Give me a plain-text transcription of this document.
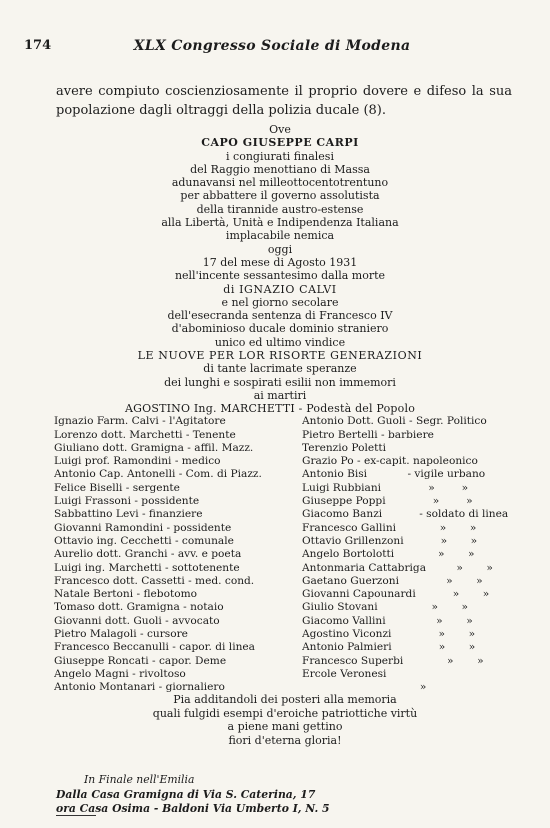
174	XLX Congresso Sociale di Modena
avere compiuto coscienziosamente il proprio dovere e difeso la sua popolazione dagli oltraggi della polizia ducale (8).
Ove
CAPO GIUSEPPE CARPI
i congiurati finalesi
del Raggio menottiano di Massa
adunavansi nel milleottocentotrentuno
per abbattere il governo assolutista
della tirannide austro-estense
alla Libertà, Unità e Indipendenza Italiana
implacabile nemica
oggi
17 del mese di Agosto 1931
nell'incente sessantesimo dalla morte
di IGNAZIO CALVI
e nel giorno secolare
dell'esecranda sentenza di Francesco IV
d'abominioso ducale dominio straniero
unico ed ultimo vindice
LE NUOVE PER LOR RISORTE GENERAZIONI
di tante lacrimate speranze
dei lunghi e sospirati esilii non immemori
ai martiri
AGOSTINO Ing. MARCHETTI - Podestà del Popolo
Ignazio Farm. Calvi - l'Agitatore	Antonio Dott. Guoli - Segr. Politico
Lorenzo dott. Marchetti - Tenente	Pietro Bertelli - barbiere
Giuliano dott. Gramigna - affil. Mazz.	Terenzio Poletti
Luigi prof. Ramondini - medico	Grazio Po - ex-capit. napoleonico
Antonio Cap. Antonelli - Com. di Piazz.	Antonio Bisi            - vigile urbano
Felice Biselli - sergente	Luigi Rubbiani              »        »
Luigi Frassoni - possidente	Giuseppe Poppi              »        »
Sabbattino Levi - finanziere	Giacomo Banzi           - soldato di linea
Giovanni Ramondini - possidente	Francesco Gallini             »       »
Ottavio ing. Cecchetti - comunale	Ottavio Grillenzoni           »       »
Aurelio dott. Granchi - avv. e poeta	Angelo Bortolotti             »       »
Luigi ing. Marchetti - sottotenente	Antonmaria Cattabriga         »       »
Francesco dott. Cassetti - med. cond.	Gaetano Guerzoni              »       »
Natale Bertoni - flebotomo	Giovanni Capounardi           »       »
Tomaso dott. Gramigna - notaio	Giulio Stovani                »       »
Giovanni dott. Guoli - avvocato	Giacomo Vallini               »       »
Pietro Malagoli - cursore	Agostino Viconzi              »       »
Francesco Beccanulli - capor. di linea	Antonio Palmieri              »       »
Giuseppe Roncati - capor. Deme	Francesco Superbi             »       »
Angelo Magni - rivoltoso	Ercole Veronesi
Antonio Montanari - giornaliero	»
Pia additandoli dei posteri alla memoria
quali fulgidi esempi d'eroiche patriottiche virtù
a piene mani gettino
fiori d'eterna gloria!
In Finale nell'Emilia
Dalla Casa Gramigna di Via S. Caterina, 17
ora Casa Osima - Baldoni Via Umberto I, N. 5
